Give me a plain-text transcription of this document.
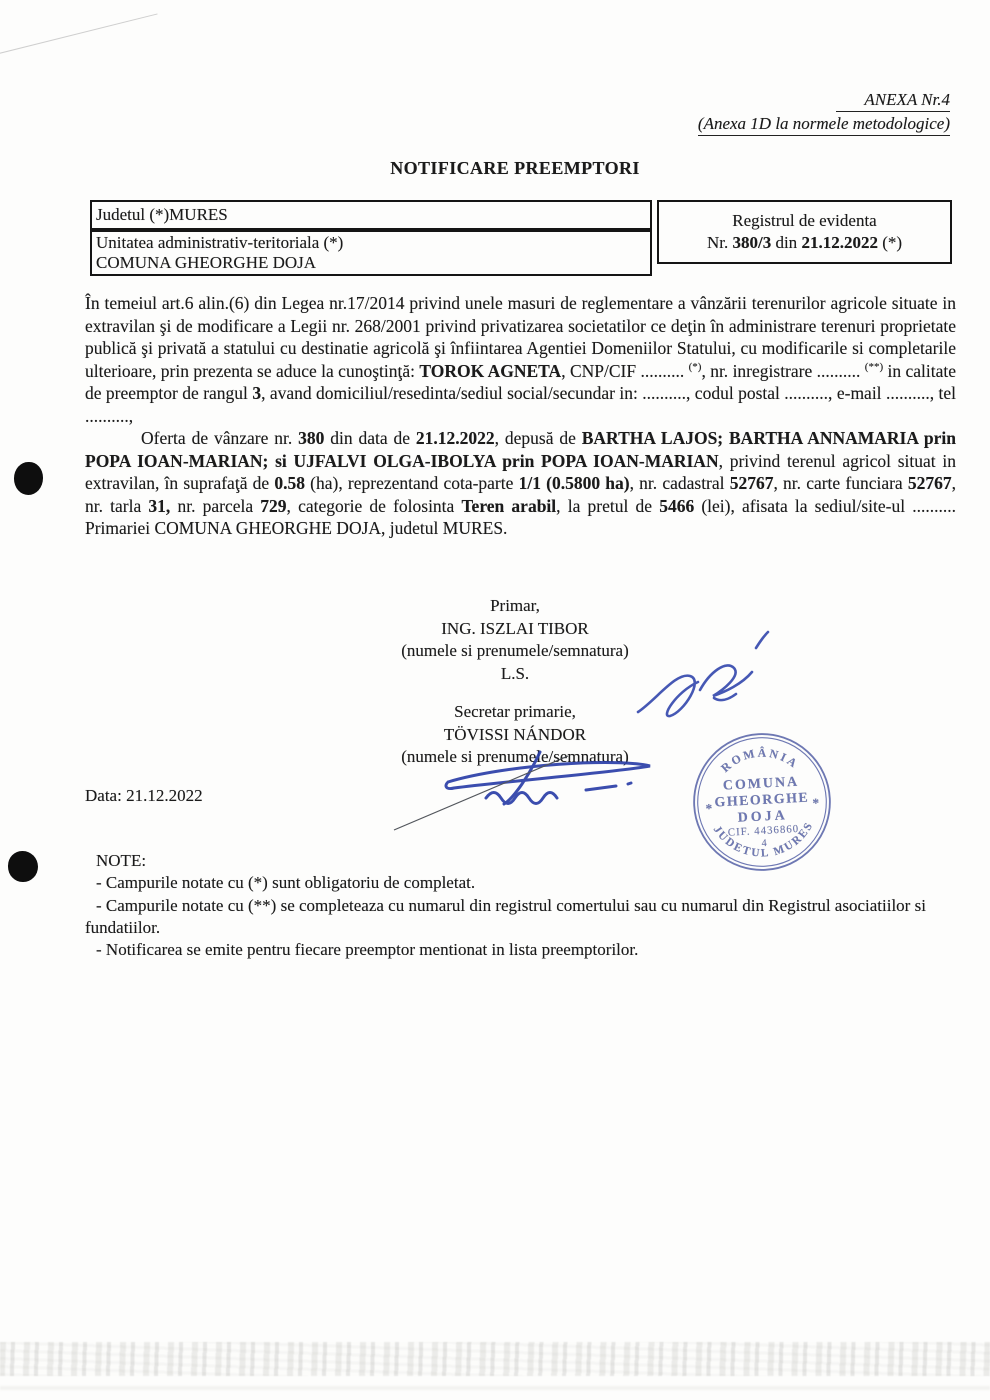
ANEXA Nr.4
(Anexa 1D la normele metodologice)
NOTIFICARE PREEMPTORI
Judetul (*)MURES
Unitatea administrativ-teritoriala (*)
COMUNA GHEORGHE DOJA
Registrul de evidenta
Nr. 380/3 din 21.12.2022 (*)

În temeiul art.6 alin.(6) din Legea nr.17/2014 privind unele masuri de reglementare a vânzării terenurilor agricole situate in extravilan şi de modificare a Legii nr. 268/2001 privind privatizarea societatilor ce deţin în administrare terenuri proprietate publică şi privată a statului cu destinatie agricolă şi înfiintarea Agentiei Domeniilor Statului, cu modificarile si completarile ulterioare, prin prezenta se aduce la cunoştinţă: TOROK AGNETA, CNP/CIF .......... (*), nr. inregistrare .......... (**) in calitate de preemptor de rangul 3, avand domiciliul/resedinta/sediul social/secundar in: .........., codul postal .........., e-mail .........., tel ..........,

Oferta de vânzare nr. 380 din data de 21.12.2022, depusă de BARTHA LAJOS; BARTHA ANNAMARIA prin POPA IOAN-MARIAN; si UJFALVI OLGA-IBOLYA prin POPA IOAN-MARIAN, privind terenul agricol situat in extravilan, în suprafaţă de 0.58 (ha), reprezentand cota-parte 1/1 (0.5800 ha), nr. cadastral 52767, nr. carte funciara 52767, nr. tarla 31, nr. parcela 729, categorie de folosinta Teren arabil, la pretul de 5466 (lei), afisata la sediul/site-ul .......... Primariei COMUNA GHEORGHE DOJA, judetul MURES.

Primar,
ING. ISZLAI TIBOR
(numele si prenumele/semnatura)
L.S.
Secretar primarie,
TÖVISSI NÁNDOR
(numele si prenumele/semnatura)
Data: 21.12.2022
ROMÂNIA
COMUNA
GHEORGHE
DOJA
CIF. 4436860
4
*	*
JUDETUL MURES
NOTE:
- Campurile notate cu (*) sunt obligatoriu de completat.
- Campurile notate cu (**) se completeaza cu numarul din registrul comertului sau cu numarul din Registrul asociatiilor si fundatiilor.
- Notificarea se emite pentru fiecare preemptor mentionat in lista preemptorilor.
